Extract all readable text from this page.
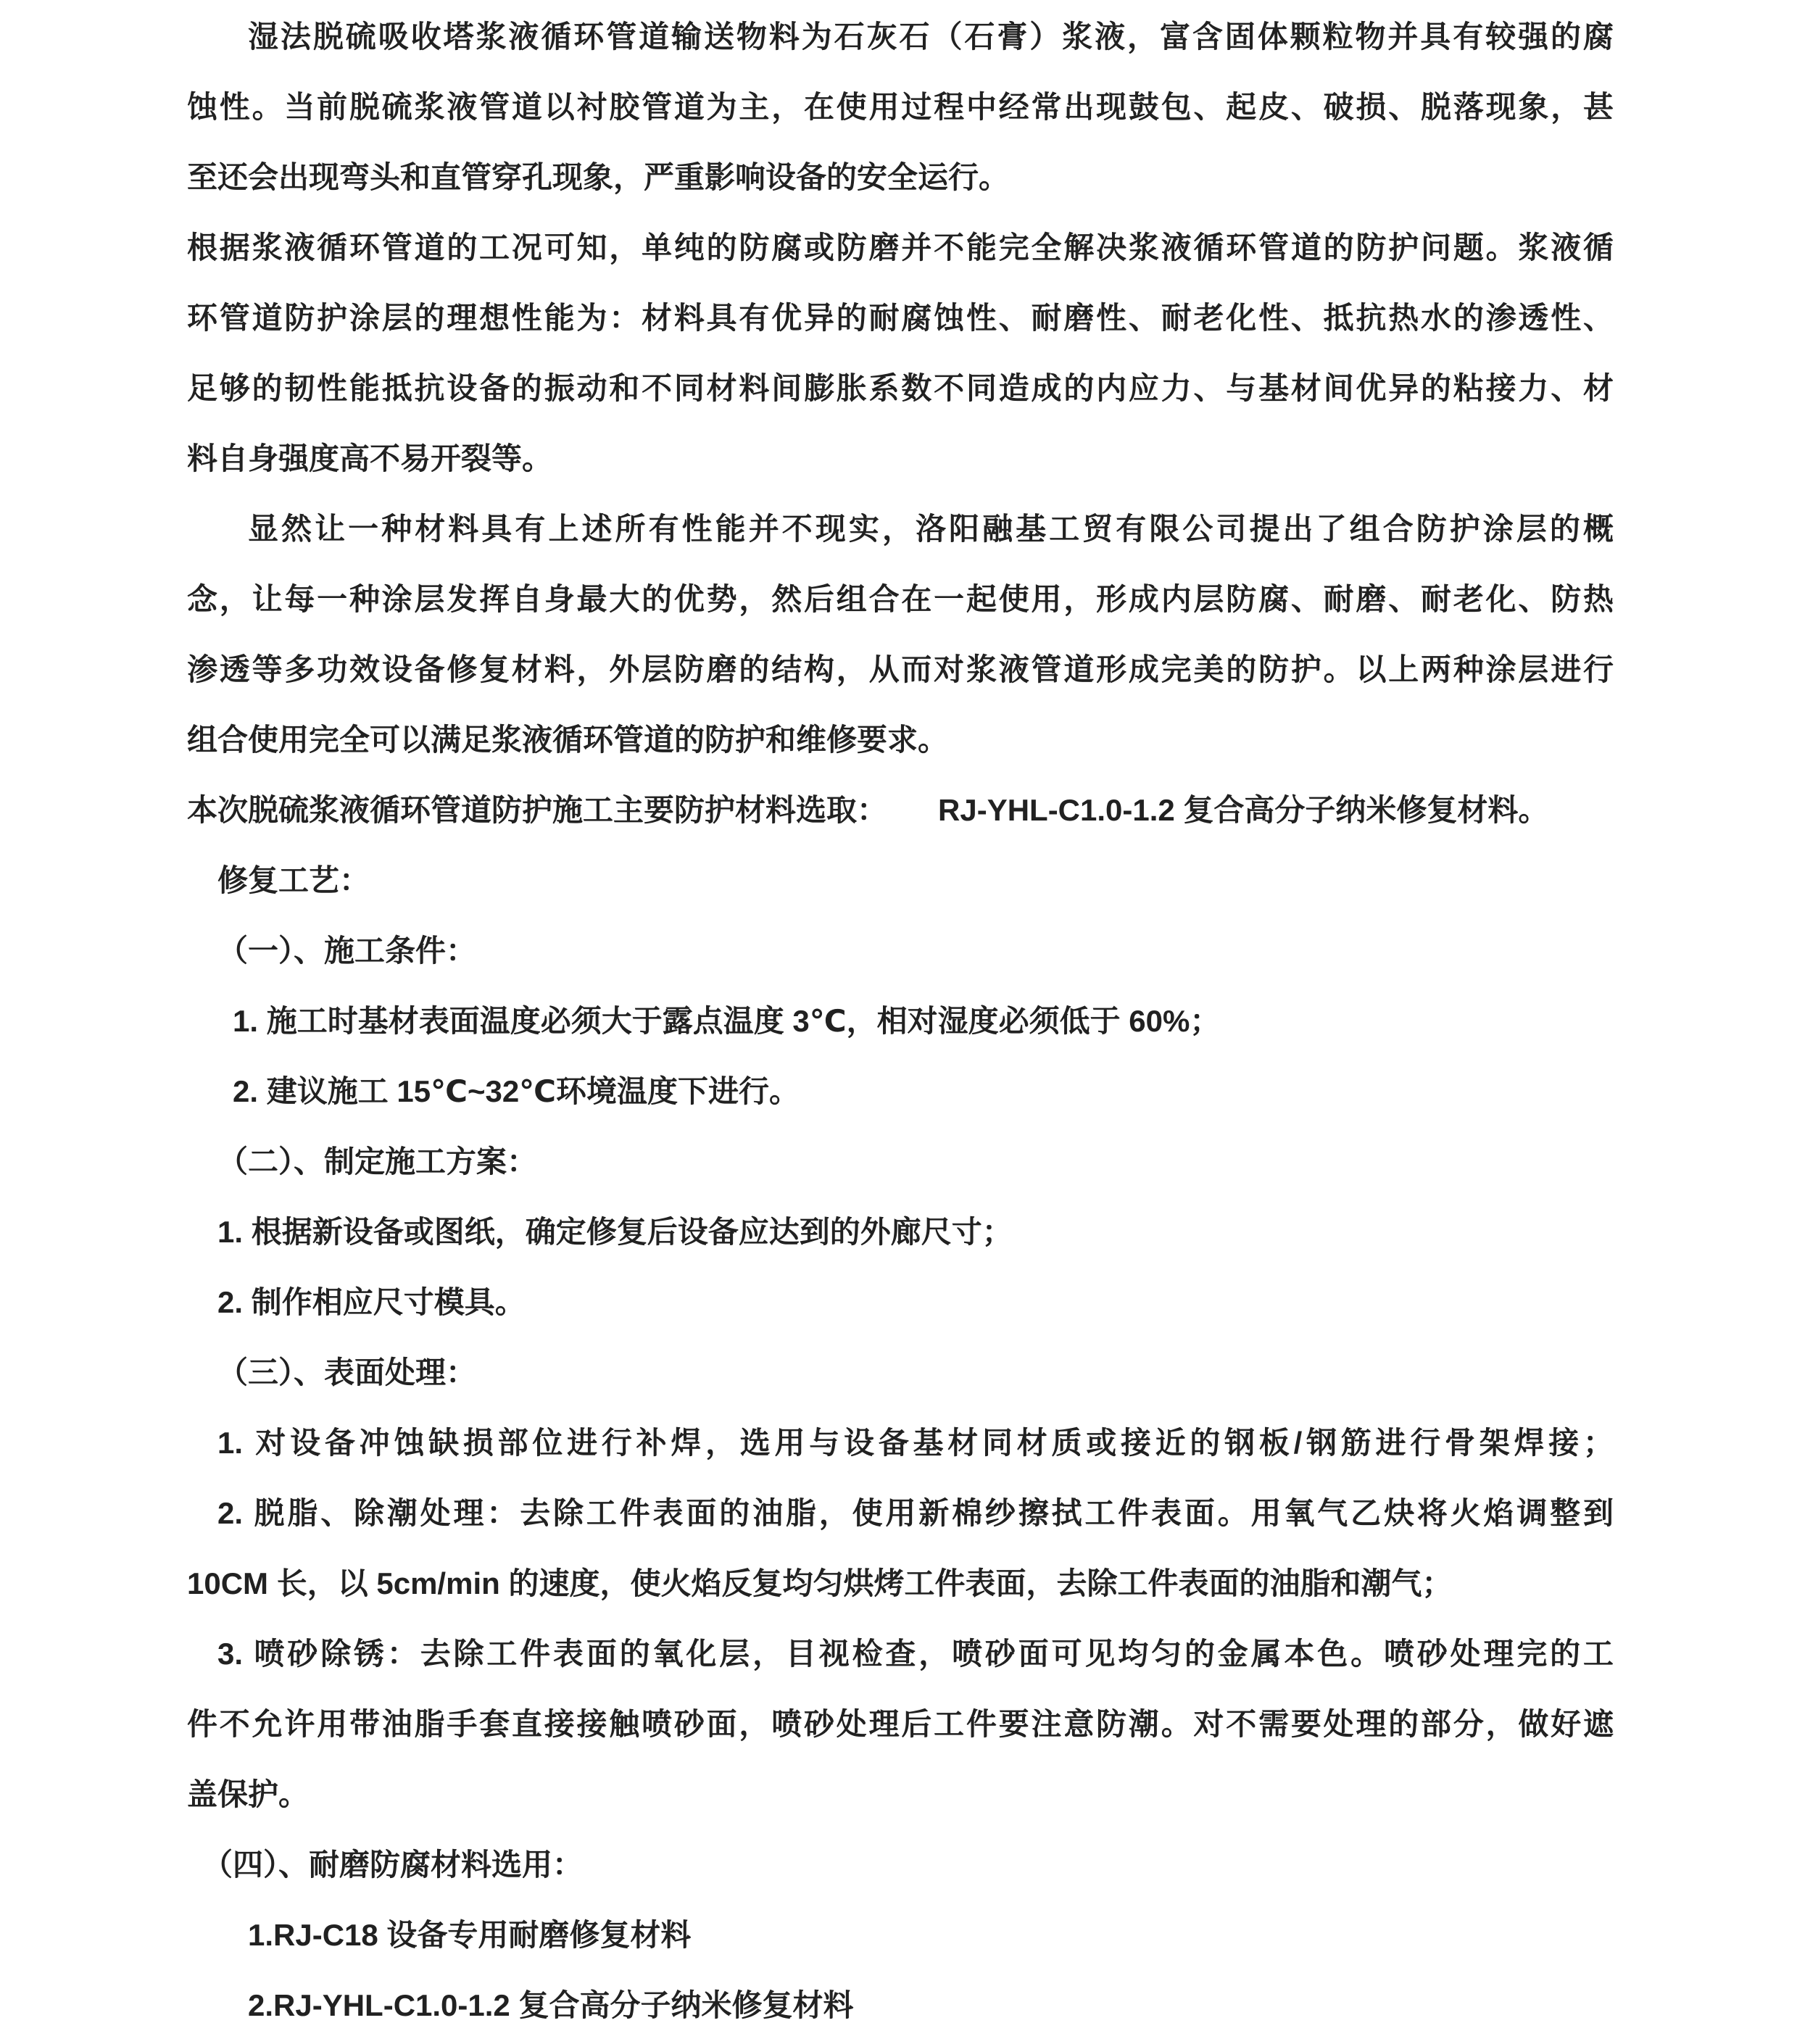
湿法脱硫吸收塔浆液循环管道输送物料为石灰石（石膏）浆液，富含固体颗粒物并具有较强的腐
蚀性。当前脱硫浆液管道以衬胶管道为主，在使用过程中经常出现鼓包、起皮、破损、脱落现象，甚
至还会出现弯头和直管穿孔现象，严重影响设备的安全运行。
根据浆液循环管道的工况可知，单纯的防腐或防磨并不能完全解决浆液循环管道的防护问题。浆液循
环管道防护涂层的理想性能为：材料具有优异的耐腐蚀性、耐磨性、耐老化性、抵抗热水的渗透性、
足够的韧性能抵抗设备的振动和不同材料间膨胀系数不同造成的内应力、与基材间优异的粘接力、材
料自身强度高不易开裂等。
显然让一种材料具有上述所有性能并不现实，洛阳融基工贸有限公司提出了组合防护涂层的概
念，让每一种涂层发挥自身最大的优势，然后组合在一起使用，形成内层防腐、耐磨、耐老化、防热
渗透等多功效设备修复材料，外层防磨的结构，从而对浆液管道形成完美的防护。以上两种涂层进行
组合使用完全可以满足浆液循环管道的防护和维修要求。
本次脱硫浆液循环管道防护施工主要防护材料选取：      RJ-YHL-C1.0-1.2 复合高分子纳米修复材料。
修复工艺：
（一）、施工条件：
1. 施工时基材表面温度必须大于露点温度 3℃，相对湿度必须低于 60%；
2. 建议施工 15℃~32℃环境温度下进行。
（二）、制定施工方案：
1. 根据新设备或图纸，确定修复后设备应达到的外廊尺寸；
2. 制作相应尺寸模具。
（三）、表面处理：
1. 对设备冲蚀缺损部位进行补焊，选用与设备基材同材质或接近的钢板/钢筋进行骨架焊接；
2. 脱脂、除潮处理：去除工件表面的油脂，使用新棉纱擦拭工件表面。用氧气乙炔将火焰调整到
10CM 长，以 5cm/min 的速度，使火焰反复均匀烘烤工件表面，去除工件表面的油脂和潮气；
3. 喷砂除锈：去除工件表面的氧化层，目视检查，喷砂面可见均匀的金属本色。喷砂处理完的工
件不允许用带油脂手套直接接触喷砂面，喷砂处理后工件要注意防潮。对不需要处理的部分，做好遮
盖保护。
（四）、耐磨防腐材料选用：
1.RJ-C18 设备专用耐磨修复材料
2.RJ-YHL-C1.0-1.2 复合高分子纳米修复材料
